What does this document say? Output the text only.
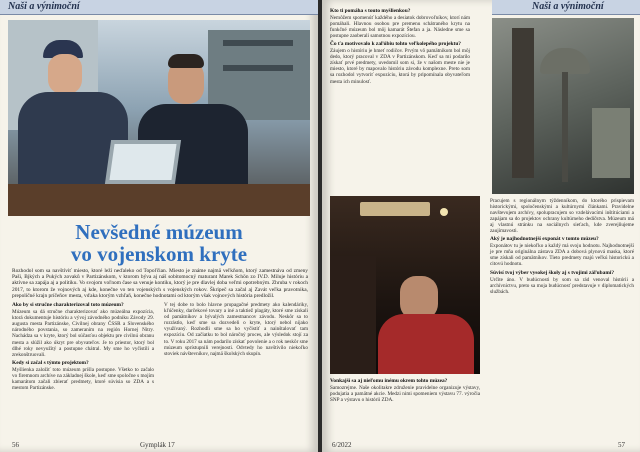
Naši a výnimoční
Nevšedné múzeum
vo vojenskom kryte
Rozhodol som sa navštíviť miesto, ktoré leží neďaleko od Topoľčian. Miesto je známe najmä veľkňom, ktorý zamestnáva od zmeny Paši, Bjkých a Pukých zovaků v Partizánskom, v ktorom býva aj náš sobitomocný maturant Marek Schön zo IV.D. Miluje históriu a aktívne sa zapája aj a politiku. Vo svojom voľnom čase sa venuje kontiku, ktorý je pre dlavlej doba veľmi opotrebným. Zhruba v rokoch 2017, to ktorom že vojnových aj kde, konečne vo ten vojenských s vojenských rokov. Škripeč sa začal aj Zavát veľka pravotnika, prepoličné krajn príčeňov mesta, vďaka ktorým vzhľaň, konečne hodnotami od ktorým však vojnových história predložil.
Ako by si stručne charakterizoval toto múzeum?
Múzeum sa dá stručne charakterizovať ako múzeálna expozícia, ktorá dokumentuje históriu a vývoj závodného podniku Závody 29. augusta mesta Partizánske, Civilnej obrany ČSSR a Slovenského národného povstania, so zameraním na región Hornej Nitry. Nachádza sa v kryte, ktorý bol súčasťou objektu pre civilnú obranu mesta a slúžil ako úkryt pre obyvateľov. Je to priestor, ktorý bol dlhé roky nevyužitý a postupne chátral. My sme ho vyčistili a zrekonštruovali.
Kedy si začal s týmto projektom?
Myšlienka založiť toto múzeum prišla postupne. Všetko to začalo vo firemnom archíve na základnej škole, keď sme spoločne s mojím kamarátom začali zbierať predmety, ktoré súvisia so ZDA a s mestom Partizánske.
V tej dobe to bolo hlavne propagačné predmety ako kalendáriky, kľúčenky, darčekové tovary a iné a taktiež plagáty, ktoré sme získali od pamätníkov a bývalých zamestnancov závodu. Neskôr sa to rozrástlo, keď sme sa dozvedeli o kryte, ktorý nebol nijako využívaný. Rozhodli sme sa ho vyčistiť a nainštalovať tam expozíciu. Od začiatku to bol náročný proces, ale výsledok stojí za to. V roku 2017 sa nám podarilo získať povolenie a o rok neskôr sme múzeum sprístupnili verejnosti. Odvtedy ho navštívilo niekoľko stoviek návštevníkov, najmä školských skupín.
56	Gymplák 17
Naši a výnimoční
Kto ti pomáha s touto myšlienkou?
Nemôžem spomenúť každého a desiatok dobrovoľníkov, ktorí nám pomáhali. Hlavnou osobou pre premenu schátraného krytu na funkčné múzeum bol môj kamarát Štefan a ja. Následne sme sa postupne zaoberali samotnou expozíciou.
Čo ťa motivovalo k zaľúbiu tohto veľkolepého projektu?
Záujem o históriu je hmeť rodičov. Prvým vô pamätníkom bol môj dedo, ktorý pracoval v ZDA v Partizánskom. Keď sa mi podarilo získať prvé predmety, uvedomil som si, že v našom meste nie je miesto, ktoré by mapovalo históriu závodu komplexne. Preto som sa rozhodol vytvoriť expozíciu, ktorá by pripomínala obyvateľom mesta ich minulosť.
Vonkajší sa aj nieľomu inému okrem tohto múzea?
Samozrejme. Naše okolitakre združenie pravidelne organizuje výstavy, podujatia a pamätné akcie. Medzi nimi spomeniem výstavu 77. výročia SNP a výstavu o histórii ZDA.
Pracujem s regionálnym týždenníkom, do ktorého prispievam historickými, spoločenskými a kultúrnymi článkami. Pravidelne navštevujem archívy, spolupracujem so vzdelávacími inštitúciami a zapájam sa do projektov ochrany kultúrneho dedičstva. Múzeum má aj vlastnú stránku na sociálnych sieťach, kde zverejňujeme zaujímavosti.
Aký je najhodnotnejší exponát v tomto múzeu?
Exponátov tu je niekoľko a každý má svoju hodnotu. Najhodnotnejší je pre mňa originálna zástava ZDA a dobová plynová maska, ktoré sme získali od pamätníkov. Tieto predmety majú veľkú historickú a citovú hodnotu.
Súvisí tvoj výber vysokej školy aj s tvojimi záľubami?
Určite áno. V budúcnosti by som sa rád venoval histórii a archívnictvu, preto sa moja budúcnosť predstavuje v diplomatických službách.
6/2022	57
